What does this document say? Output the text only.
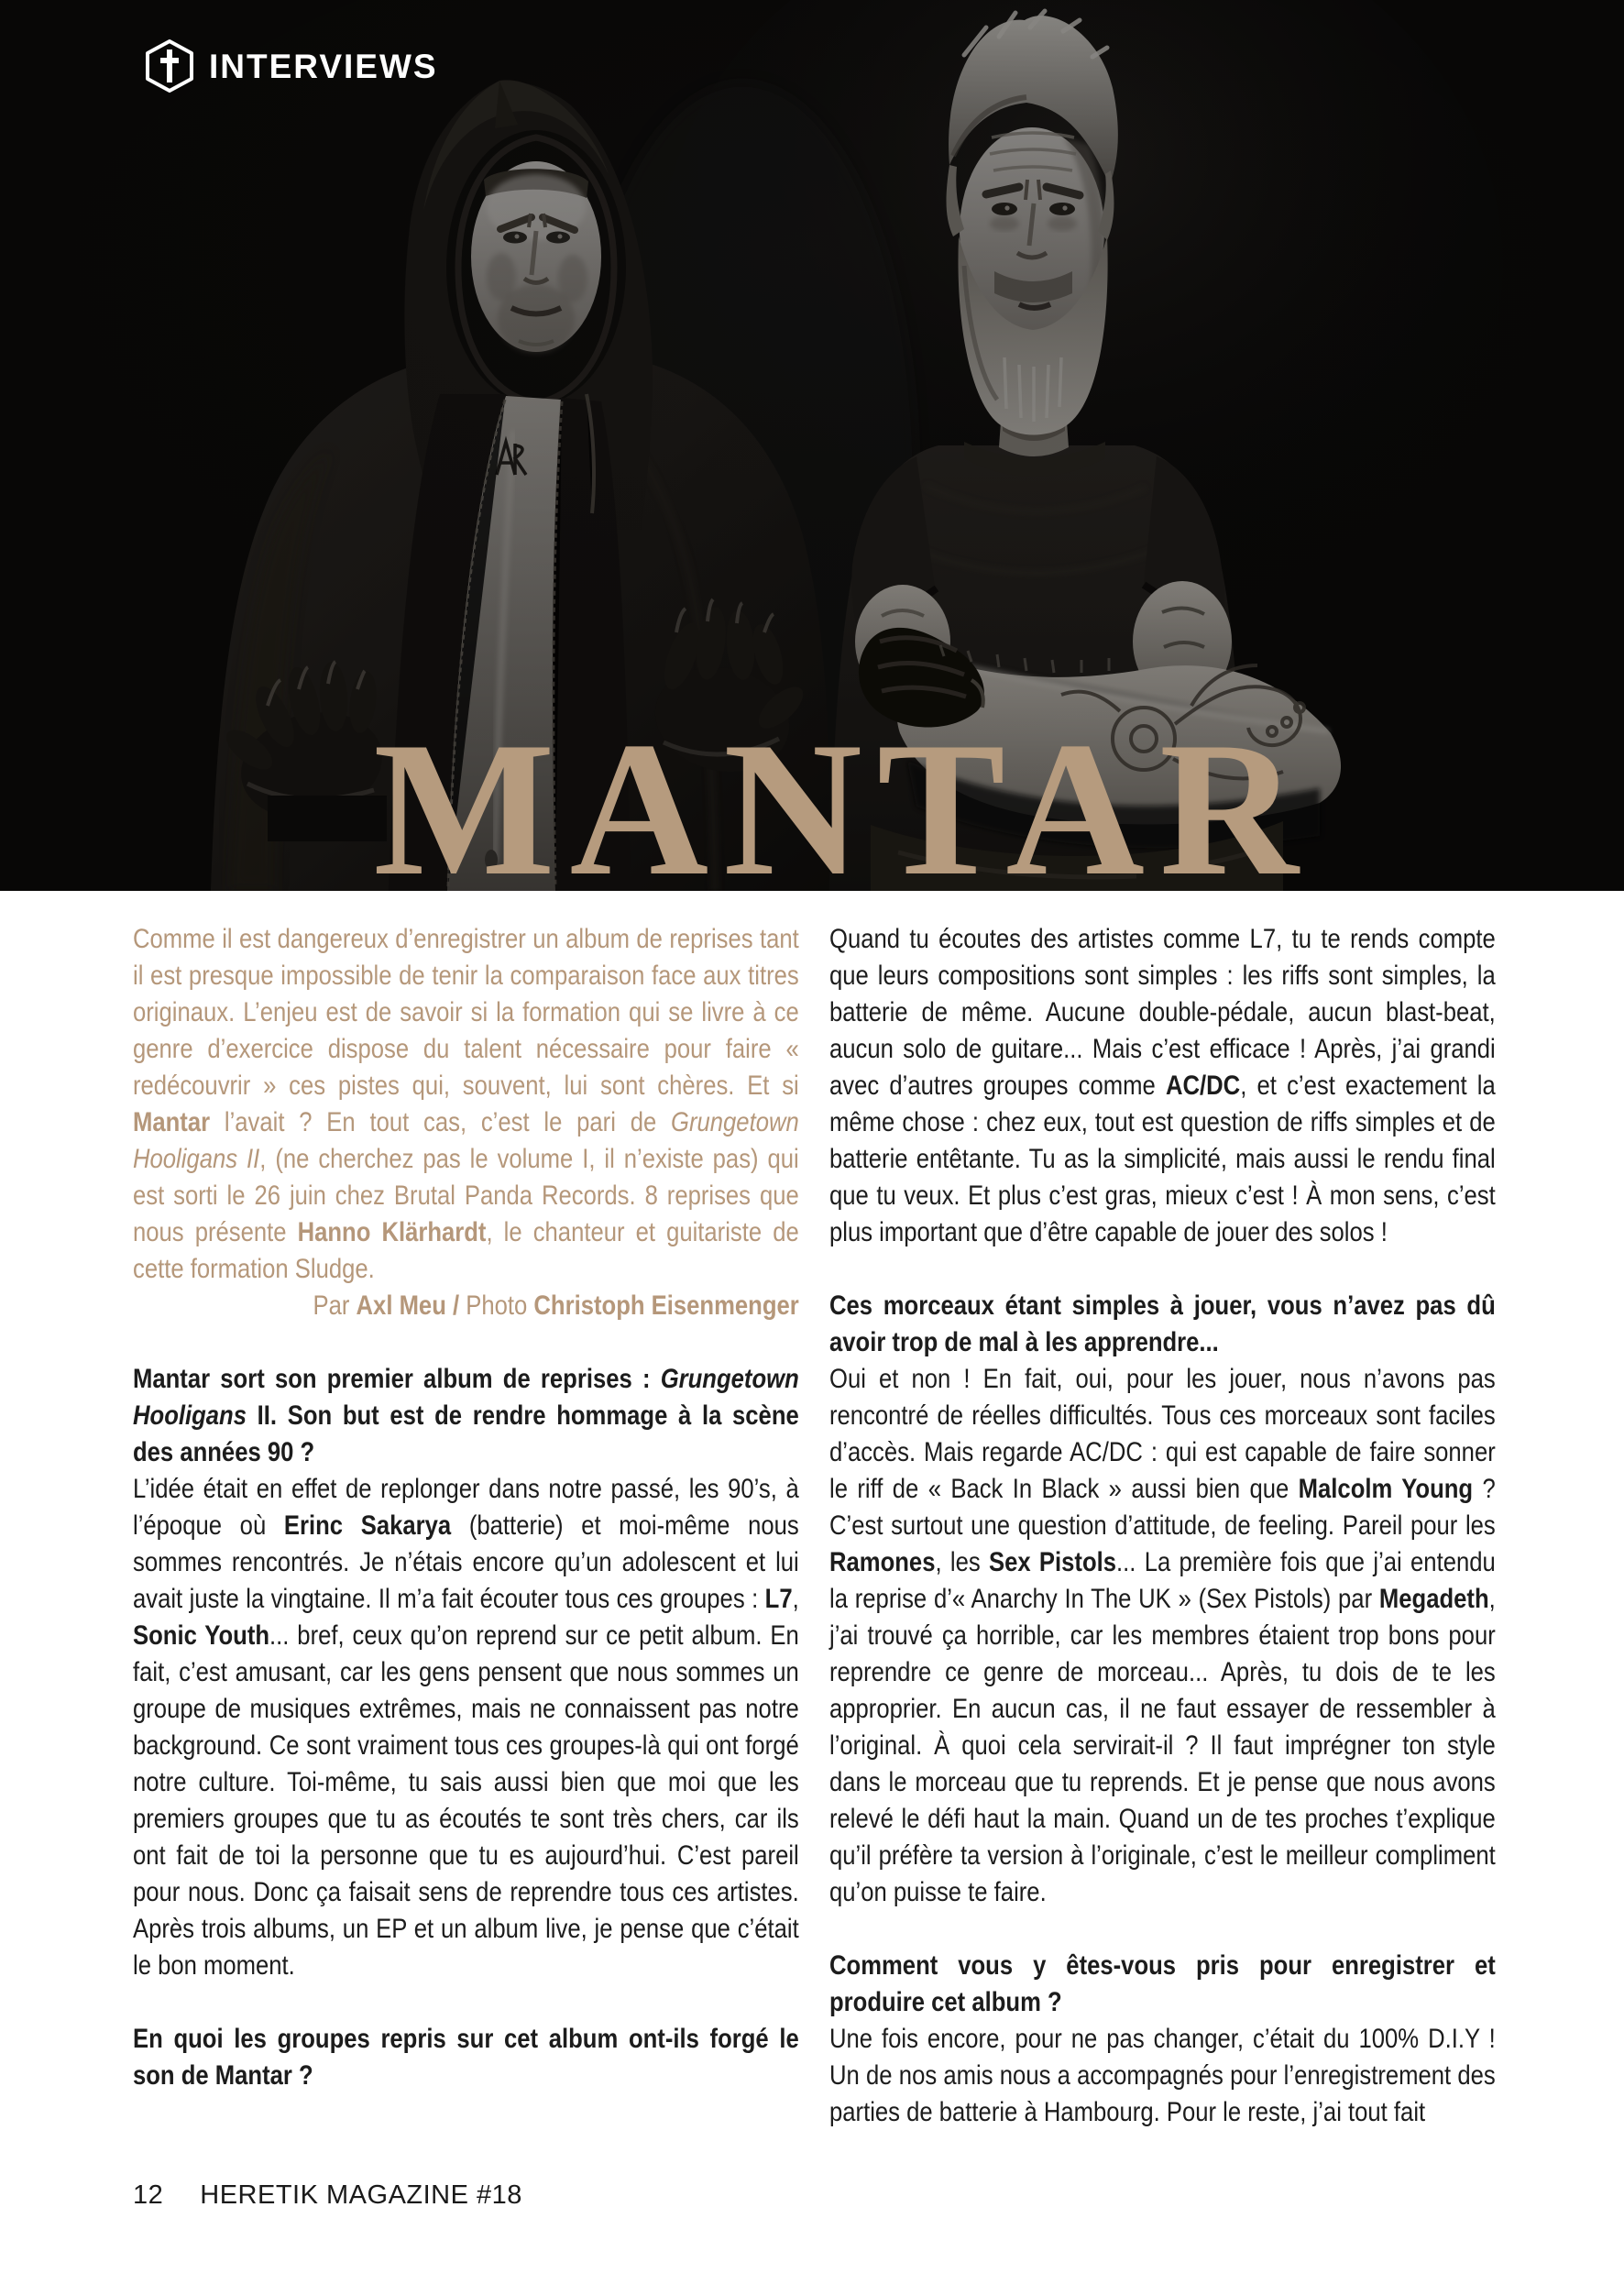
INTERVIEWS
MANTAR

Comme il est dangereux d’enregistrer un album de reprises tant il est presque impossible de tenir la comparaison face aux titres originaux. L’enjeu est de savoir si la formation qui se livre à ce genre d’exercice dispose du talent nécessaire pour faire « redécouvrir » ces pistes qui, souvent, lui sont chères. Et si Mantar l’avait ? En tout cas, c’est le pari de Grungetown Hooligans II, (ne cherchez pas le volume I, il n’existe pas) qui est sorti le 26 juin chez Brutal Panda Records. 8 reprises que nous présente Hanno Klärhardt, le chanteur et guitariste de cette formation Sludge.

Par Axl Meu / Photo Christoph Eisenmenger

Mantar sort son premier album de reprises : Grungetown Hooligans II. Son but est de rendre hommage à la scène des années 90 ?

L’idée était en effet de replonger dans notre passé, les 90’s, à l’époque où Erinc Sakarya (batterie) et moi-même nous sommes rencontrés. Je n’étais encore qu’un adolescent et lui avait juste la vingtaine. Il m’a fait écouter tous ces groupes : L7, Sonic Youth... bref, ceux qu’on reprend sur ce petit album. En fait, c’est amusant, car les gens pensent que nous sommes un groupe de musiques extrêmes, mais ne connaissent pas notre background. Ce sont vraiment tous ces groupes-là qui ont forgé notre culture. Toi-même, tu sais aussi bien que moi que les premiers groupes que tu as écoutés te sont très chers, car ils ont fait de toi la personne que tu es aujourd’hui. C’est pareil pour nous. Donc ça faisait sens de reprendre tous ces artistes. Après trois albums, un EP et un album live, je pense que c’était le bon moment.

En quoi les groupes repris sur cet album ont-ils forgé le son de Mantar ?

Quand tu écoutes des artistes comme L7, tu te rends compte que leurs compositions sont simples : les riffs sont simples, la batterie de même. Aucune double-pédale, aucun blast-beat, aucun solo de guitare... Mais c’est efficace ! Après, j’ai grandi avec d’autres groupes comme AC/DC, et c’est exactement la même chose : chez eux, tout est question de riffs simples et de batterie entêtante. Tu as la simplicité, mais aussi le rendu final que tu veux. Et plus c’est gras, mieux c’est ! À mon sens, c’est plus important que d’être capable de jouer des solos !

Ces morceaux étant simples à jouer, vous n’avez pas dû avoir trop de mal à les apprendre...

Oui et non ! En fait, oui, pour les jouer, nous n’avons pas rencontré de réelles difficultés. Tous ces morceaux sont faciles d’accès. Mais regarde AC/DC : qui est capable de faire sonner le riff de « Back In Black » aussi bien que Malcolm Young ? C’est surtout une question d’attitude, de feeling. Pareil pour les Ramones, les Sex Pistols... La première fois que j’ai entendu la reprise d’« Anarchy In The UK » (Sex Pistols) par Megadeth, j’ai trouvé ça horrible, car les membres étaient trop bons pour reprendre ce genre de morceau... Après, tu dois de te les approprier. En aucun cas, il ne faut essayer de ressembler à l’original. À quoi cela servirait-il ? Il faut imprégner ton style dans le morceau que tu reprends. Et je pense que nous avons relevé le défi haut la main. Quand un de tes proches t’explique qu’il préfère ta version à l’originale, c’est le meilleur compliment qu’on puisse te faire.

Comment vous y êtes-vous pris pour enregistrer et produire cet album ?

Une fois encore, pour ne pas changer, c’était du 100% D.I.Y ! Un de nos amis nous a accompagnés pour l’enregistrement des parties de batterie à Hambourg. Pour le reste, j’ai tout fait

12 HERETIK MAGAZINE #18
